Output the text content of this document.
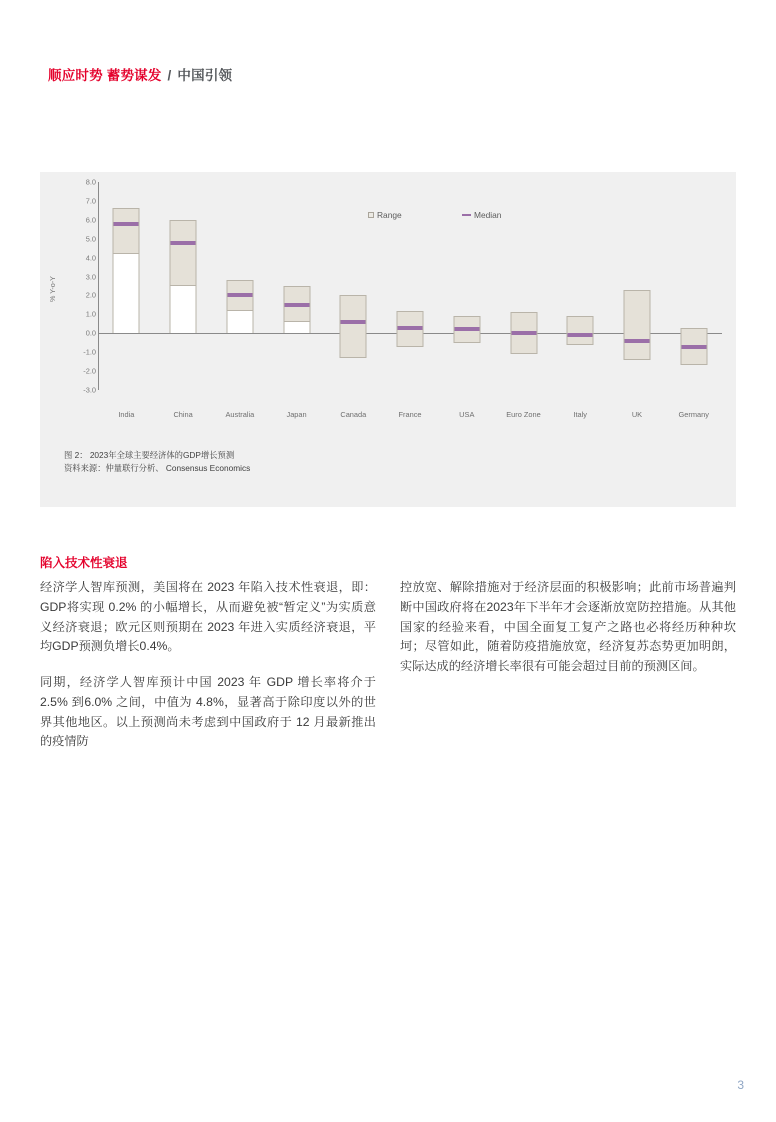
顺应时势 蓄势谋发 / 中国引领
% Y-o-Y
8.0
7.0
6.0
5.0
4.0
3.0
2.0
1.0
0.0
-1.0
-2.0
-3.0
India	China	Australia	Japan	Canada	France	USA	Euro Zone	Italy	UK	Germany
Range	Median
图 2： 2023年全球主要经济体的GDP增长预测
资料来源：仲量联行分析、 Consensus Economics
陷入技术性衰退

经济学人智库预测，美国将在 2023 年陷入技术性衰退，即：GDP将实现 0.2% 的小幅增长，从而避免被“暂定义”为实质意义经济衰退；欧元区则预期在 2023 年进入实质经济衰退，平均GDP预测负增长0.4%。

同期，经济学人智库预计中国 2023 年 GDP 增长率将介于 2.5% 到6.0% 之间，中值为 4.8%，显著高于除印度以外的世界其他地区。以上预测尚未考虑到中国政府于 12 月最新推出的疫情防

控放宽、解除措施对于经济层面的积极影响；此前市场普遍判断中国政府将在2023年下半年才会逐渐放宽防控措施。从其他国家的经验来看，中国全面复工复产之路也必将经历种种坎坷；尽管如此，随着防疫措施放宽，经济复苏态势更加明朗，实际达成的经济增长率很有可能会超过目前的预测区间。

3
